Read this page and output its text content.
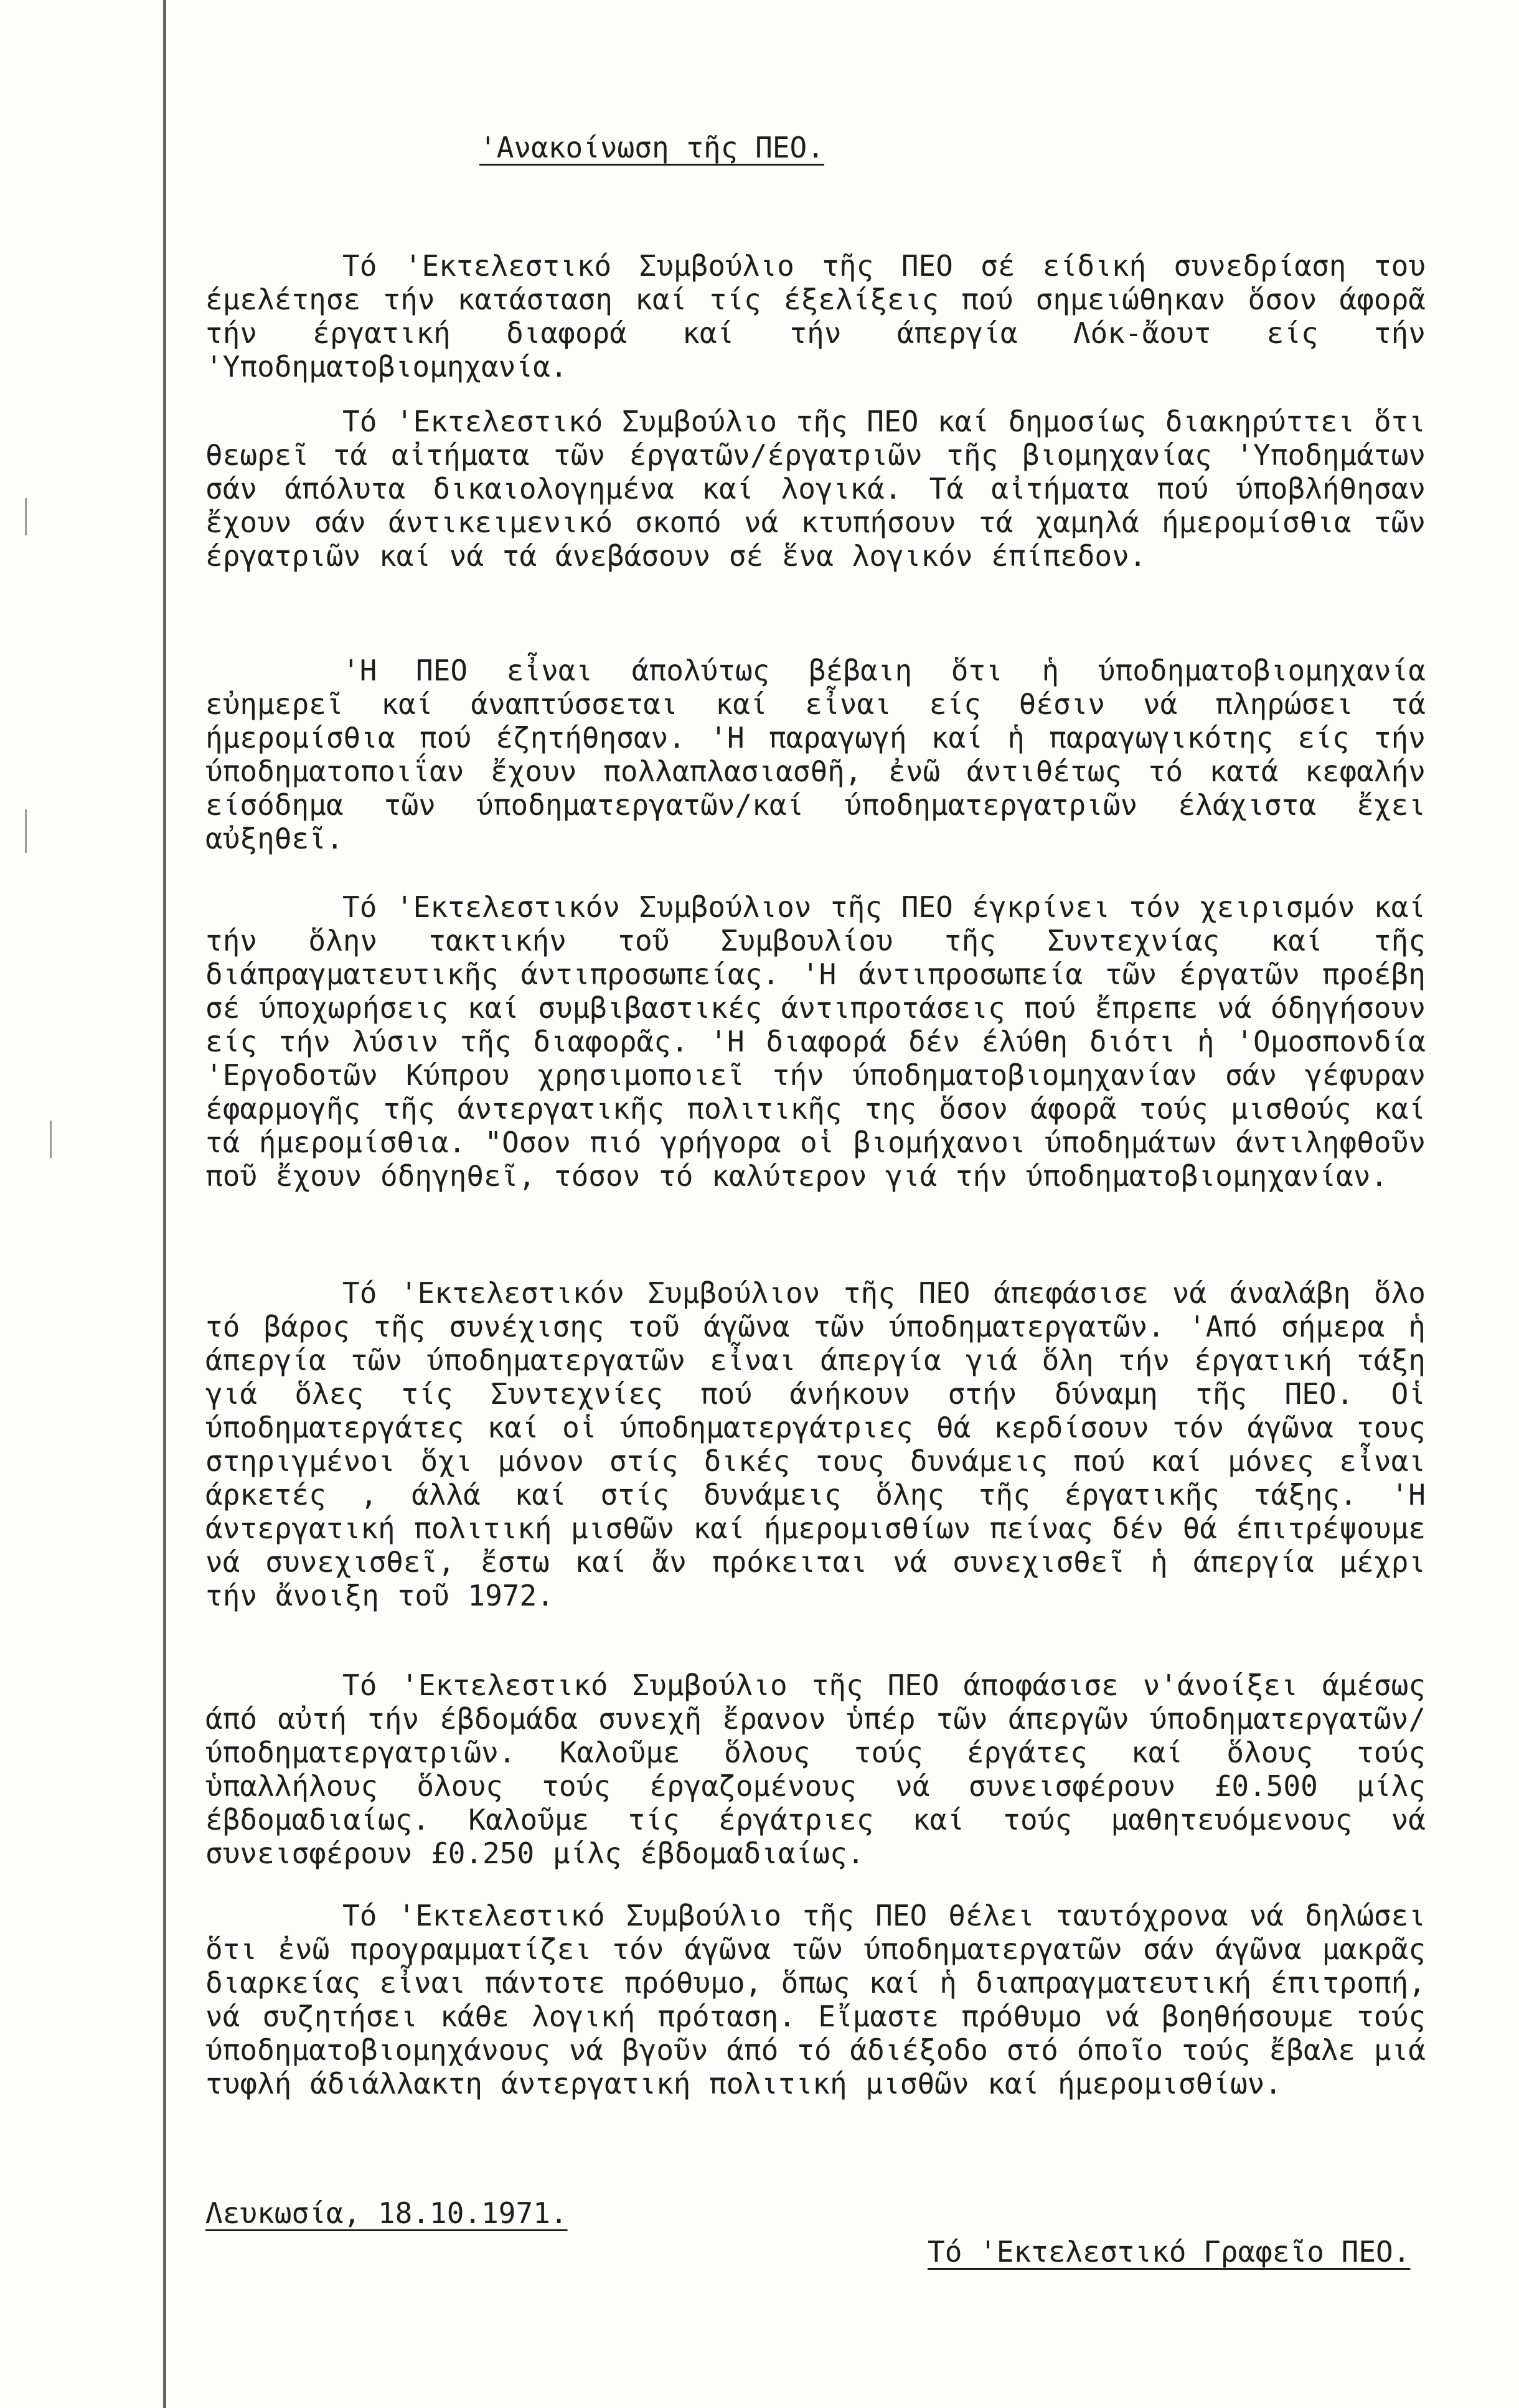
'Ανακοίνωση τῆς ΠΕΟ.
Τό 'Εκτελεστικό Συμβούλιο τῆς ΠΕΟ σέ είδική συνεδρίαση του έμελέτησε τήν κατάσταση καί τίς έξελίξεις πού σημειώθηκαν ὅσον άφορᾶ τήν έργατική διαφορά καί τήν άπεργία Λόκ-ἄουτ είς τήν 'Υποδηματοβιομηχανία.
Τό 'Εκτελεστικό Συμβούλιο τῆς ΠΕΟ καί δημοσίως διακηρύττει ὅτι θεωρεῖ τά αἰτήματα τῶν έργατῶν/έργατριῶν τῆς βιομηχανίας 'Υποδημάτων σάν άπόλυτα δικαιολογημένα καί λογικά. Τά αἰτήματα πού ύποβλήθησαν ἔχουν σάν άντικειμενικό σκοπό νά κτυπήσουν τά χαμηλά ήμερομίσθια τῶν έργατριῶν καί νά τά άνεβάσουν σέ ἕνα λογικόν έπίπεδον.
'Η ΠΕΟ εἶναι άπολύτως βέβαιη ὅτι ἡ ύποδηματοβιομηχανία εὐημερεῖ καί άναπτύσσεται καί εἶναι είς θέσιν νά πληρώσει τά ήμερομίσθια πού έζητήθησαν. 'Η παραγωγή καί ἡ παραγωγικότης είς τήν ύποδηματοποιΐαν ἔχουν πολλαπλασιασθῆ, ἐνῶ άντιθέτως τό κατά κεφαλήν είσόδημα τῶν ύποδηματεργατῶν/καί ύποδηματεργατριῶν έλάχιστα ἔχει αὐξηθεῖ.
Τό 'Εκτελεστικόν Συμβούλιον τῆς ΠΕΟ έγκρίνει τόν χειρισμόν καί τήν ὅλην τακτικήν τοῦ Συμβουλίου τῆς Συντεχνίας καί τῆς διάπραγματευτικῆς άντιπροσωπείας. 'Η άντιπροσωπεία τῶν έργατῶν προέβη σέ ύποχωρήσεις καί συμβιβαστικές άντιπροτάσεις πού ἔπρεπε νά όδηγήσουν είς τήν λύσιν τῆς διαφορᾶς. 'Η διαφορά δέν έλύθη διότι ἡ 'Ομοσπονδία 'Εργοδοτῶν Κύπρου χρησιμοποιεῖ τήν ύποδηματοβιομηχανίαν σάν γέφυραν έφαρμογῆς τῆς άντεργατικῆς πολιτικῆς της ὅσον άφορᾶ τούς μισθούς καί τά ήμερομίσθια. "Οσον πιό γρήγορα οἱ βιομήχανοι ύποδημάτων άντιληφθοῦν ποῦ ἔχουν όδηγηθεῖ, τόσον τό καλύτερον γιά τήν ύποδηματοβιομηχανίαν.
Τό 'Εκτελεστικόν Συμβούλιον τῆς ΠΕΟ άπεφάσισε νά άναλάβη ὅλο τό βάρος τῆς συνέχισης τοῦ άγῶνα τῶν ύποδηματεργατῶν. 'Από σήμερα ἡ άπεργία τῶν ύποδηματεργατῶν εἶναι άπεργία γιά ὅλη τήν έργατική τάξη γιά ὅλες τίς Συντεχνίες πού άνήκουν στήν δύναμη τῆς ΠΕΟ. Οἱ ύποδηματεργάτες καί οἱ ύποδηματεργάτριες θά κερδίσουν τόν άγῶνα τους στηριγμένοι ὅχι μόνον στίς δικές τους δυνάμεις πού καί μόνες εἶναι άρκετές , άλλά καί στίς δυνάμεις ὅλης τῆς έργατικῆς τάξης. 'Η άντεργατική πολιτική μισθῶν καί ήμερομισθίων πείνας δέν θά έπιτρέψουμε νά συνεχισθεῖ, ἔστω καί ἄν πρόκειται νά συνεχισθεῖ ἡ άπεργία μέχρι τήν ἄνοιξη τοῦ 1972.
Τό 'Εκτελεστικό Συμβούλιο τῆς ΠΕΟ άποφάσισε ν'άνοίξει άμέσως άπό αὐτή τήν έβδομάδα συνεχῆ ἔρανον ὑπέρ τῶν άπεργῶν ύποδηματεργατῶν/ύποδηματεργατριῶν. Καλοῦμε ὅλους τούς έργάτες καί ὅλους τούς ὑπαλλήλους ὅλους τούς έργαζομένους νά συνεισφέρουν £0.500 μίλς έβδομαδιαίως. Καλοῦμε τίς έργάτριες καί τούς μαθητευόμενους νά συνεισφέρουν £0.250 μίλς έβδομαδιαίως.
Τό 'Εκτελεστικό Συμβούλιο τῆς ΠΕΟ θέλει ταυτόχρονα νά δηλώσει ὅτι ἐνῶ προγραμματίζει τόν άγῶνα τῶν ύποδηματεργατῶν σάν άγῶνα μακρᾶς διαρκείας εἶναι πάντοτε πρόθυμο, ὅπως καί ἡ διαπραγματευτική έπιτροπή, νά συζητήσει κάθε λογική πρόταση. Εἴμαστε πρόθυμο νά βοηθήσουμε τούς ύποδηματοβιομηχάνους νά βγοῦν άπό τό άδιέξοδο στό όποῖο τούς ἔβαλε μιά τυφλή άδιάλλακτη άντεργατική πολιτική μισθῶν καί ήμερομισθίων.
Λευκωσία, 18.10.1971.
Τό 'Εκτελεστικό Γραφεῖο ΠΕΟ.
